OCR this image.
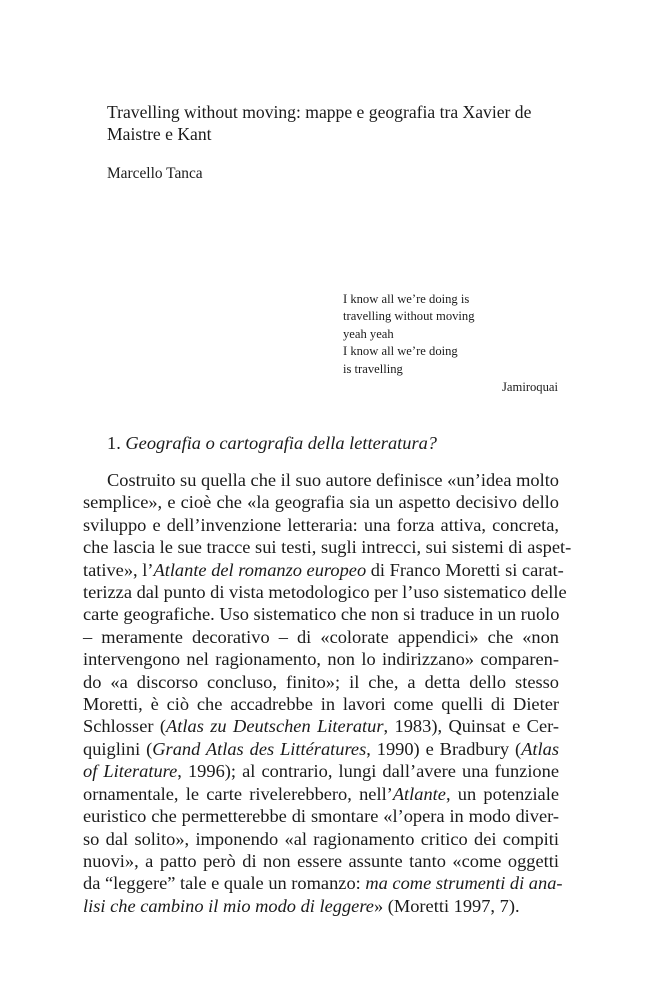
Travelling without moving: mappe e geografia tra Xavier de
Maistre e Kant

Marcello Tanca

I know all we’re doing is
travelling without moving
yeah yeah
I know all we’re doing
is travelling
Jamiroquai
1. Geografia o cartografia della letteratura?
Costruito su quella che il suo autore definisce «un’idea molto
semplice», e cioè che «la geografia sia un aspetto decisivo dello
sviluppo e dell’invenzione letteraria: una forza attiva, concreta,
che lascia le sue tracce sui testi, sugli intrecci, sui sistemi di aspet-
tative», l’Atlante del romanzo europeo di Franco Moretti si carat-
terizza dal punto di vista metodologico per l’uso sistematico delle
carte geografiche. Uso sistematico che non si traduce in un ruolo
– meramente decorativo – di «colorate appendici» che «non
intervengono nel ragionamento, non lo indirizzano» comparen-
do «a discorso concluso, finito»; il che, a detta dello stesso
Moretti, è ciò che accadrebbe in lavori come quelli di Dieter
Schlosser (Atlas zu Deutschen Literatur, 1983), Quinsat e Cer-
quiglini (Grand Atlas des Littératures, 1990) e Bradbury (Atlas
of Literature, 1996); al contrario, lungi dall’avere una funzione
ornamentale, le carte rivelerebbero, nell’Atlante, un potenziale
euristico che permetterebbe di smontare «l’opera in modo diver-
so dal solito», imponendo «al ragionamento critico dei compiti
nuovi», a patto però di non essere assunte tanto «come oggetti
da “leggere” tale e quale un romanzo: ma come strumenti di ana-
lisi che cambino il mio modo di leggere» (Moretti 1997, 7).
